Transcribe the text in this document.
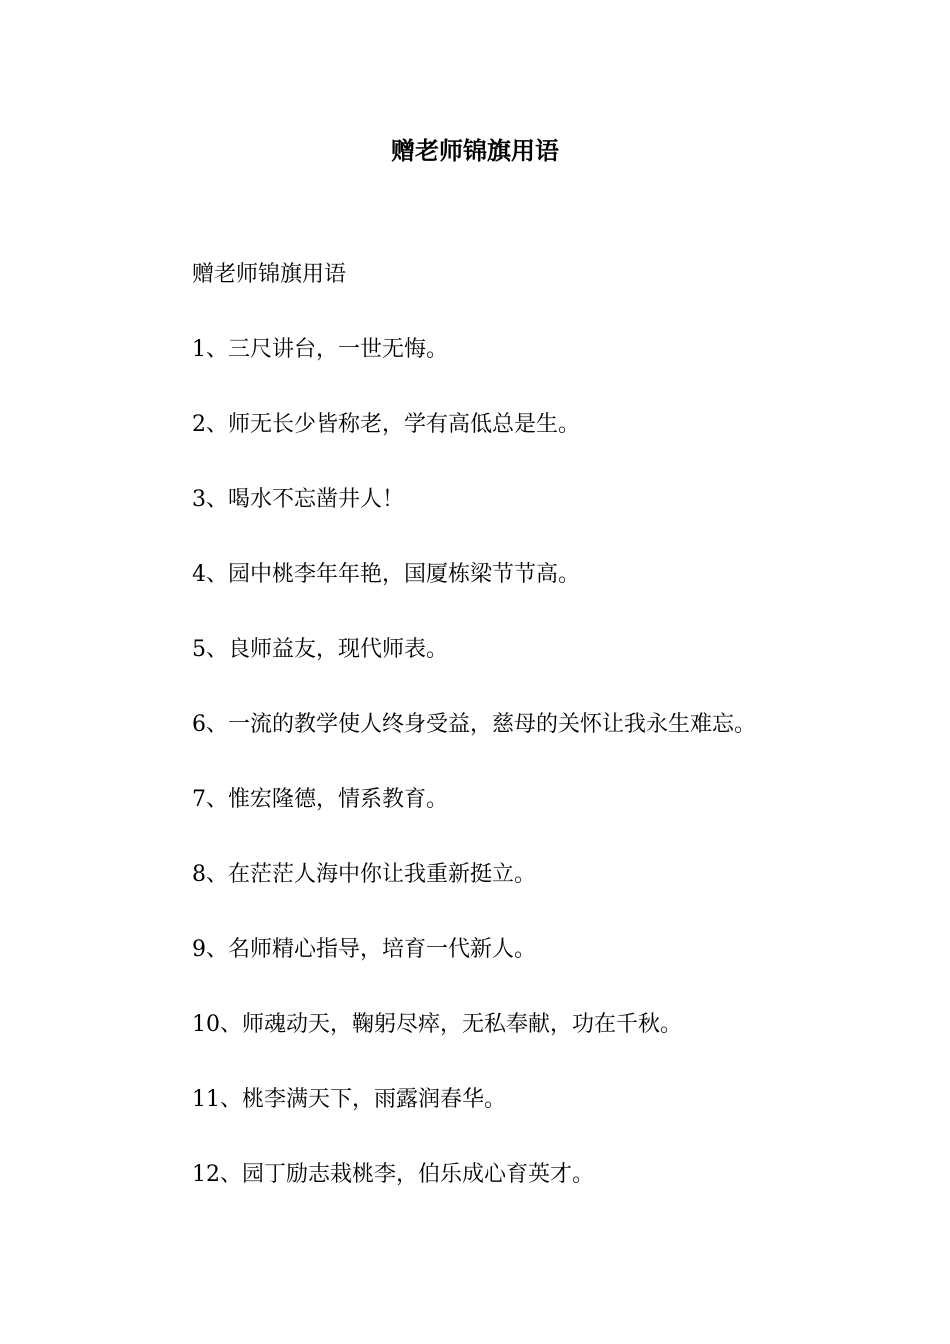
赠老师锦旗用语

赠老师锦旗用语

1、三尺讲台，一世无悔。
2、师无长少皆称老，学有高低总是生。
3、喝水不忘凿井人！
4、园中桃李年年艳，国厦栋梁节节高。
5、良师益友，现代师表。
6、一流的教学使人终身受益，慈母的关怀让我永生难忘。
7、惟宏隆德，情系教育。
8、在茫茫人海中你让我重新挺立。
9、名师精心指导，培育一代新人。
10、师魂动天，鞠躬尽瘁，无私奉献，功在千秋。
11、桃李满天下，雨露润春华。
12、园丁励志栽桃李，伯乐成心育英才。
